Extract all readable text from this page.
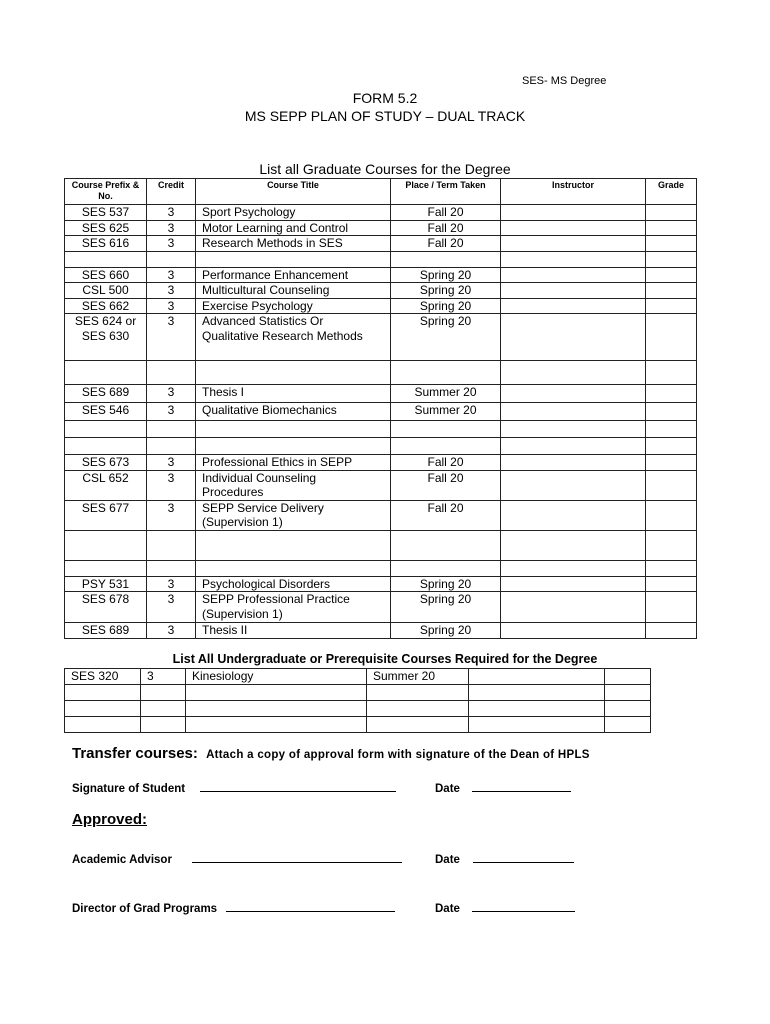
SES- MS Degree
FORM 5.2
MS SEPP PLAN OF STUDY – DUAL TRACK
List all Graduate Courses for the Degree
Course Prefix & No.	Credit	Course Title	Place / Term Taken	Instructor	Grade
SES 537	3	Sport Psychology	Fall 20		
SES 625	3	Motor Learning and Control	Fall 20		
SES 616	3	Research Methods in SES	Fall 20		

SES 660	3	Performance Enhancement	Spring 20		
CSL 500	3	Multicultural Counseling	Spring 20		
SES 662	3	Exercise Psychology	Spring 20		
SES 624 or SES 630	3	Advanced Statistics Or Qualitative Research Methods	Spring 20		

SES 689	3	Thesis I	Summer 20		
SES 546	3	Qualitative Biomechanics	Summer 20		

SES 673	3	Professional Ethics in SEPP	Fall 20		
CSL 652	3	Individual Counseling Procedures	Fall 20		
SES 677	3	SEPP Service Delivery (Supervision 1)	Fall 20		

PSY 531	3	Psychological Disorders	Spring 20		
SES 678	3	SEPP Professional Practice (Supervision 1)	Spring 20		
SES 689	3	Thesis II	Spring 20		
List All Undergraduate or Prerequisite Courses Required for the Degree
SES 320	3	Kinesiology	Summer 20		

Transfer courses: Attach a copy of approval form with signature of the Dean of HPLS
Signature of Student	Date
Approved:
Academic Advisor	Date
Director of Grad Programs	Date
